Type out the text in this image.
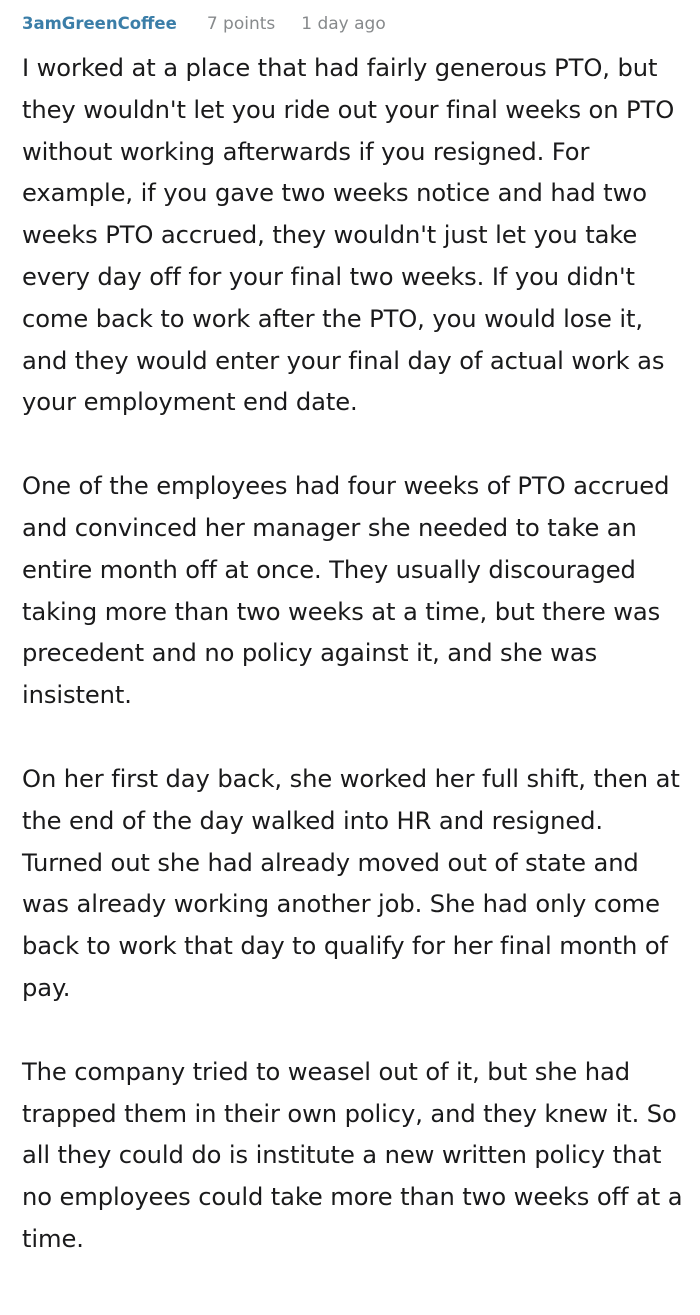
3amGreenCoffee 7 points 1 day ago

I worked at a place that had fairly generous PTO, but they wouldn't let you ride out your final weeks on PTO without working afterwards if you resigned. For example, if you gave two weeks notice and had two weeks PTO accrued, they wouldn't just let you take every day off for your final two weeks. If you didn't come back to work after the PTO, you would lose it, and they would enter your final day of actual work as your employment end date.

One of the employees had four weeks of PTO accrued and convinced her manager she needed to take an entire month off at once. They usually discouraged taking more than two weeks at a time, but there was precedent and no policy against it, and she was insistent.

On her first day back, she worked her full shift, then at the end of the day walked into HR and resigned. Turned out she had already moved out of state and was already working another job. She had only come back to work that day to qualify for her final month of pay.

The company tried to weasel out of it, but she had trapped them in their own policy, and they knew it. So all they could do is institute a new written policy that no employees could take more than two weeks off at a time.
